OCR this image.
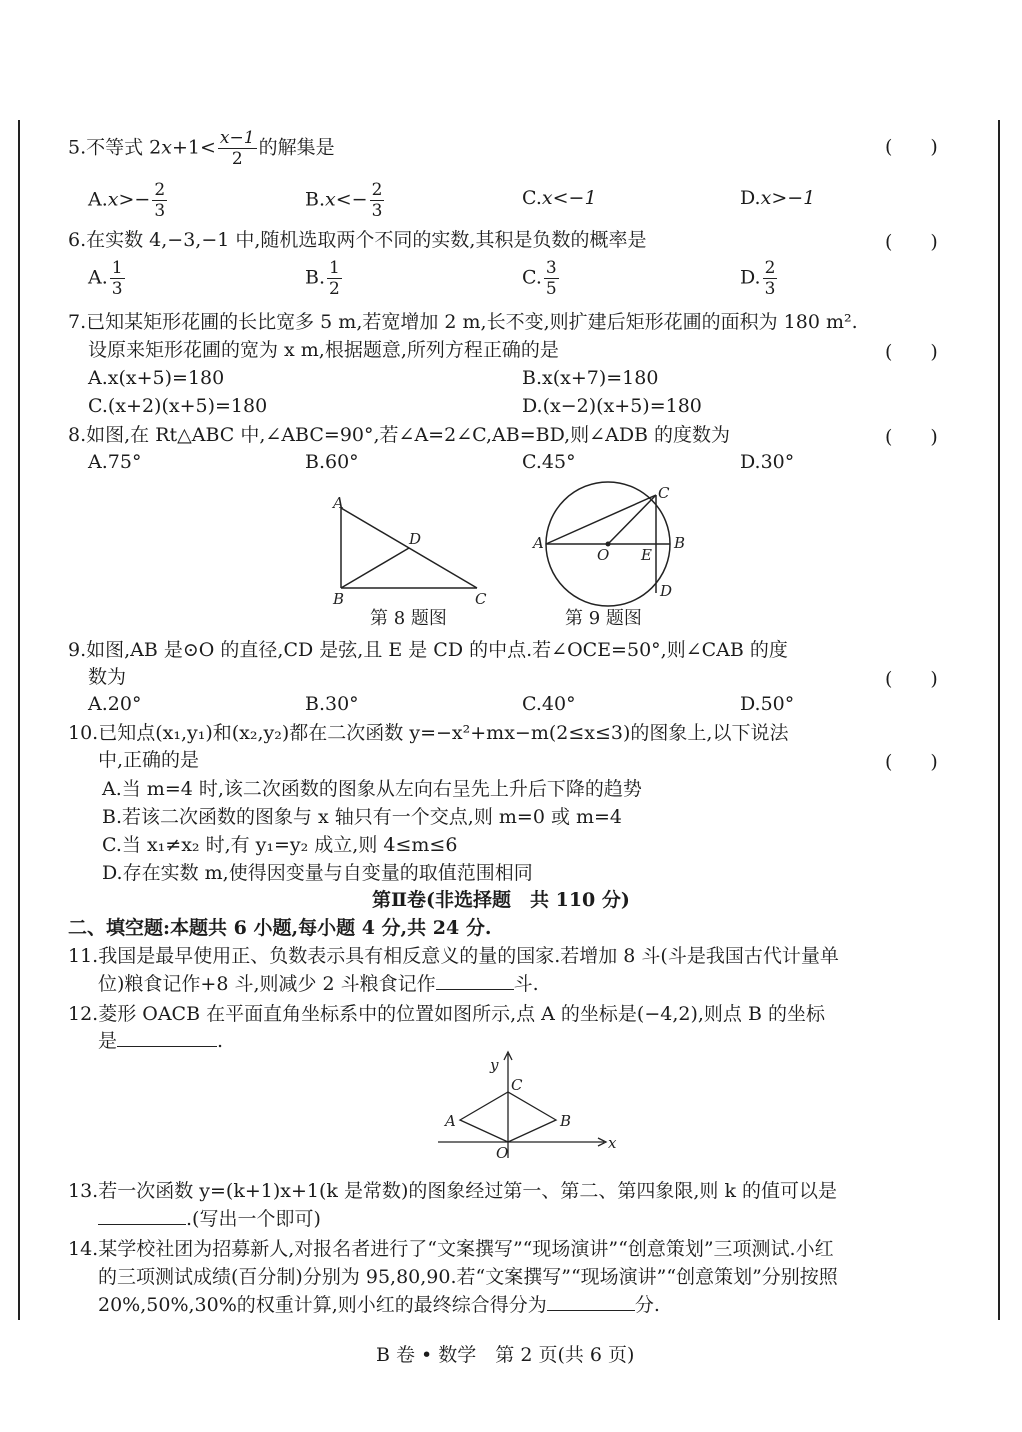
5.不等式 $2x+1< \frac{x-1}{2}$ 的解集是	(　　)
$A.x>- \frac{2}{3}$	$B.x<- \frac{2}{3}$	C.x<−1	D.x>−1
6.在实数 4,−3,−1 中,随机选取两个不同的实数,其积是负数的概率是	(　　)
A. $\frac{1}{3}$	B. $\frac{1}{2}$	C. $\frac{3}{5}$	D. $\frac{2}{3}$
7.已知某矩形花圃的长比宽多 5 m,若宽增加 2 m,长不变,则扩建后矩形花圃的面积为 180 m².
设原来矩形花圃的宽为 x m,根据题意,所列方程正确的是	(　　)
A.x(x+5)=180	B.x(x+7)=180
C.(x+2)(x+5)=180	D.(x−2)(x+5)=180
8.如图,在 Rt△ABC 中,∠ABC=90°,若∠A=2∠C,AB=BD,则∠ADB 的度数为	(　　)
A.75°	B.60°	C.45°	D.30°
A
B	C
D
第 8 题图
A	B
C
D
O E
第 9 题图
9.如图,AB 是⊙O 的直径,CD 是弦,且 E 是 CD 的中点.若∠OCE=50°,则∠CAB 的度
数为	(　　)
A.20°	B.30°	C.40°	D.50°
10.已知点(x₁,y₁)和(x₂,y₂)都在二次函数 y=−x²+mx−m(2≤x≤3)的图象上,以下说法
中,正确的是	(　　)
A.当 m=4 时,该二次函数的图象从左向右呈先上升后下降的趋势
B.若该二次函数的图象与 x 轴只有一个交点,则 m=0 或 m=4
C.当 x₁≠x₂ 时,有 y₁=y₂ 成立,则 4≤m≤6
D.存在实数 m,使得因变量与自变量的取值范围相同
第Ⅱ卷(非选择题　共 110 分)
二、填空题:本题共 6 小题,每小题 4 分,共 24 分.
11.我国是最早使用正、负数表示具有相反意义的量的国家.若增加 8 斗(斗是我国古代计量单
位)粮食记作+8 斗,则减少 2 斗粮食记作	斗.
12.菱形 OACB 在平面直角坐标系中的位置如图所示,点 A 的坐标是(−4,2),则点 B 的坐标
是	.
x
y
A	B
C
O
13.若一次函数 y=(k+1)x+1(k 是常数)的图象经过第一、第二、第四象限,则 k 的值可以是
.(写出一个即可)
14.某学校社团为招募新人,对报名者进行了“文案撰写”“现场演讲”“创意策划”三项测试.小红
的三项测试成绩(百分制)分别为 95,80,90.若“文案撰写”“现场演讲”“创意策划”分别按照
20%,50%,30%的权重计算,则小红的最终综合得分为	分.
B 卷 • 数学　第 2 页(共 6 页)
